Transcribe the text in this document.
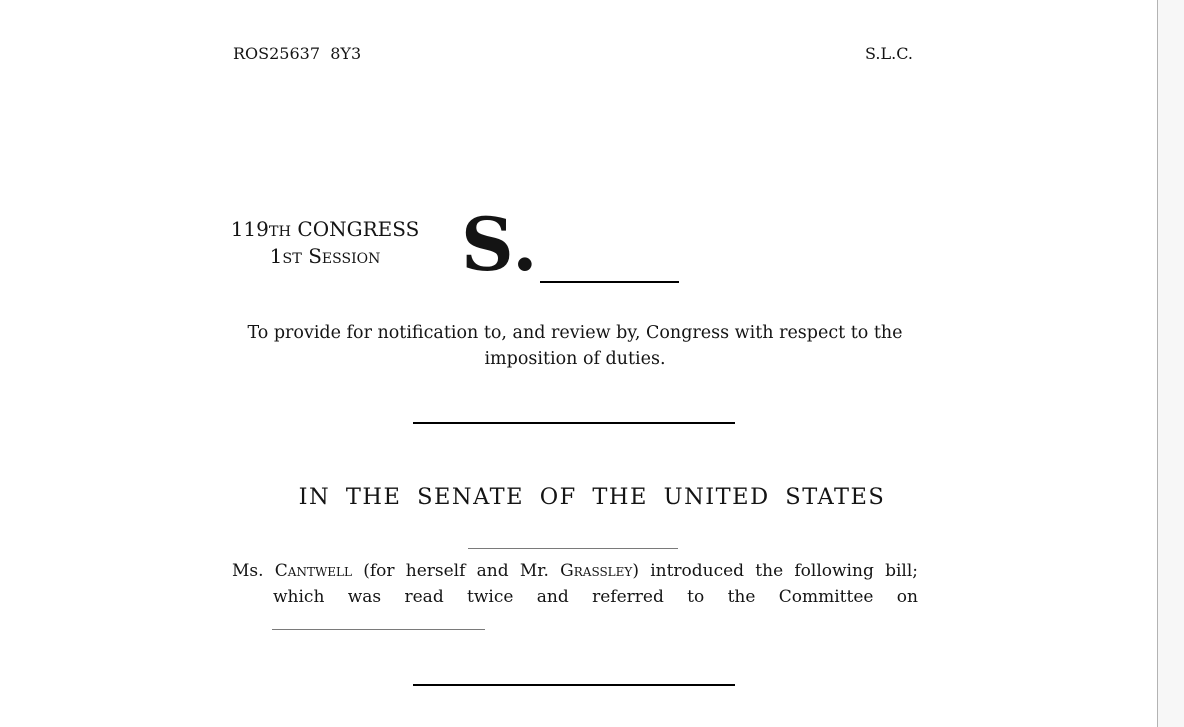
ROS25637  8Y3	S.L.C.
119TH CONGRESS
1ST Session	S.
To provide for notification to, and review by, Congress with respect to the
imposition of duties.
IN THE SENATE OF THE UNITED STATES
Ms. Cantwell (for herself and Mr. Grassley) introduced the following bill;
which was read twice and referred to the Committee on
